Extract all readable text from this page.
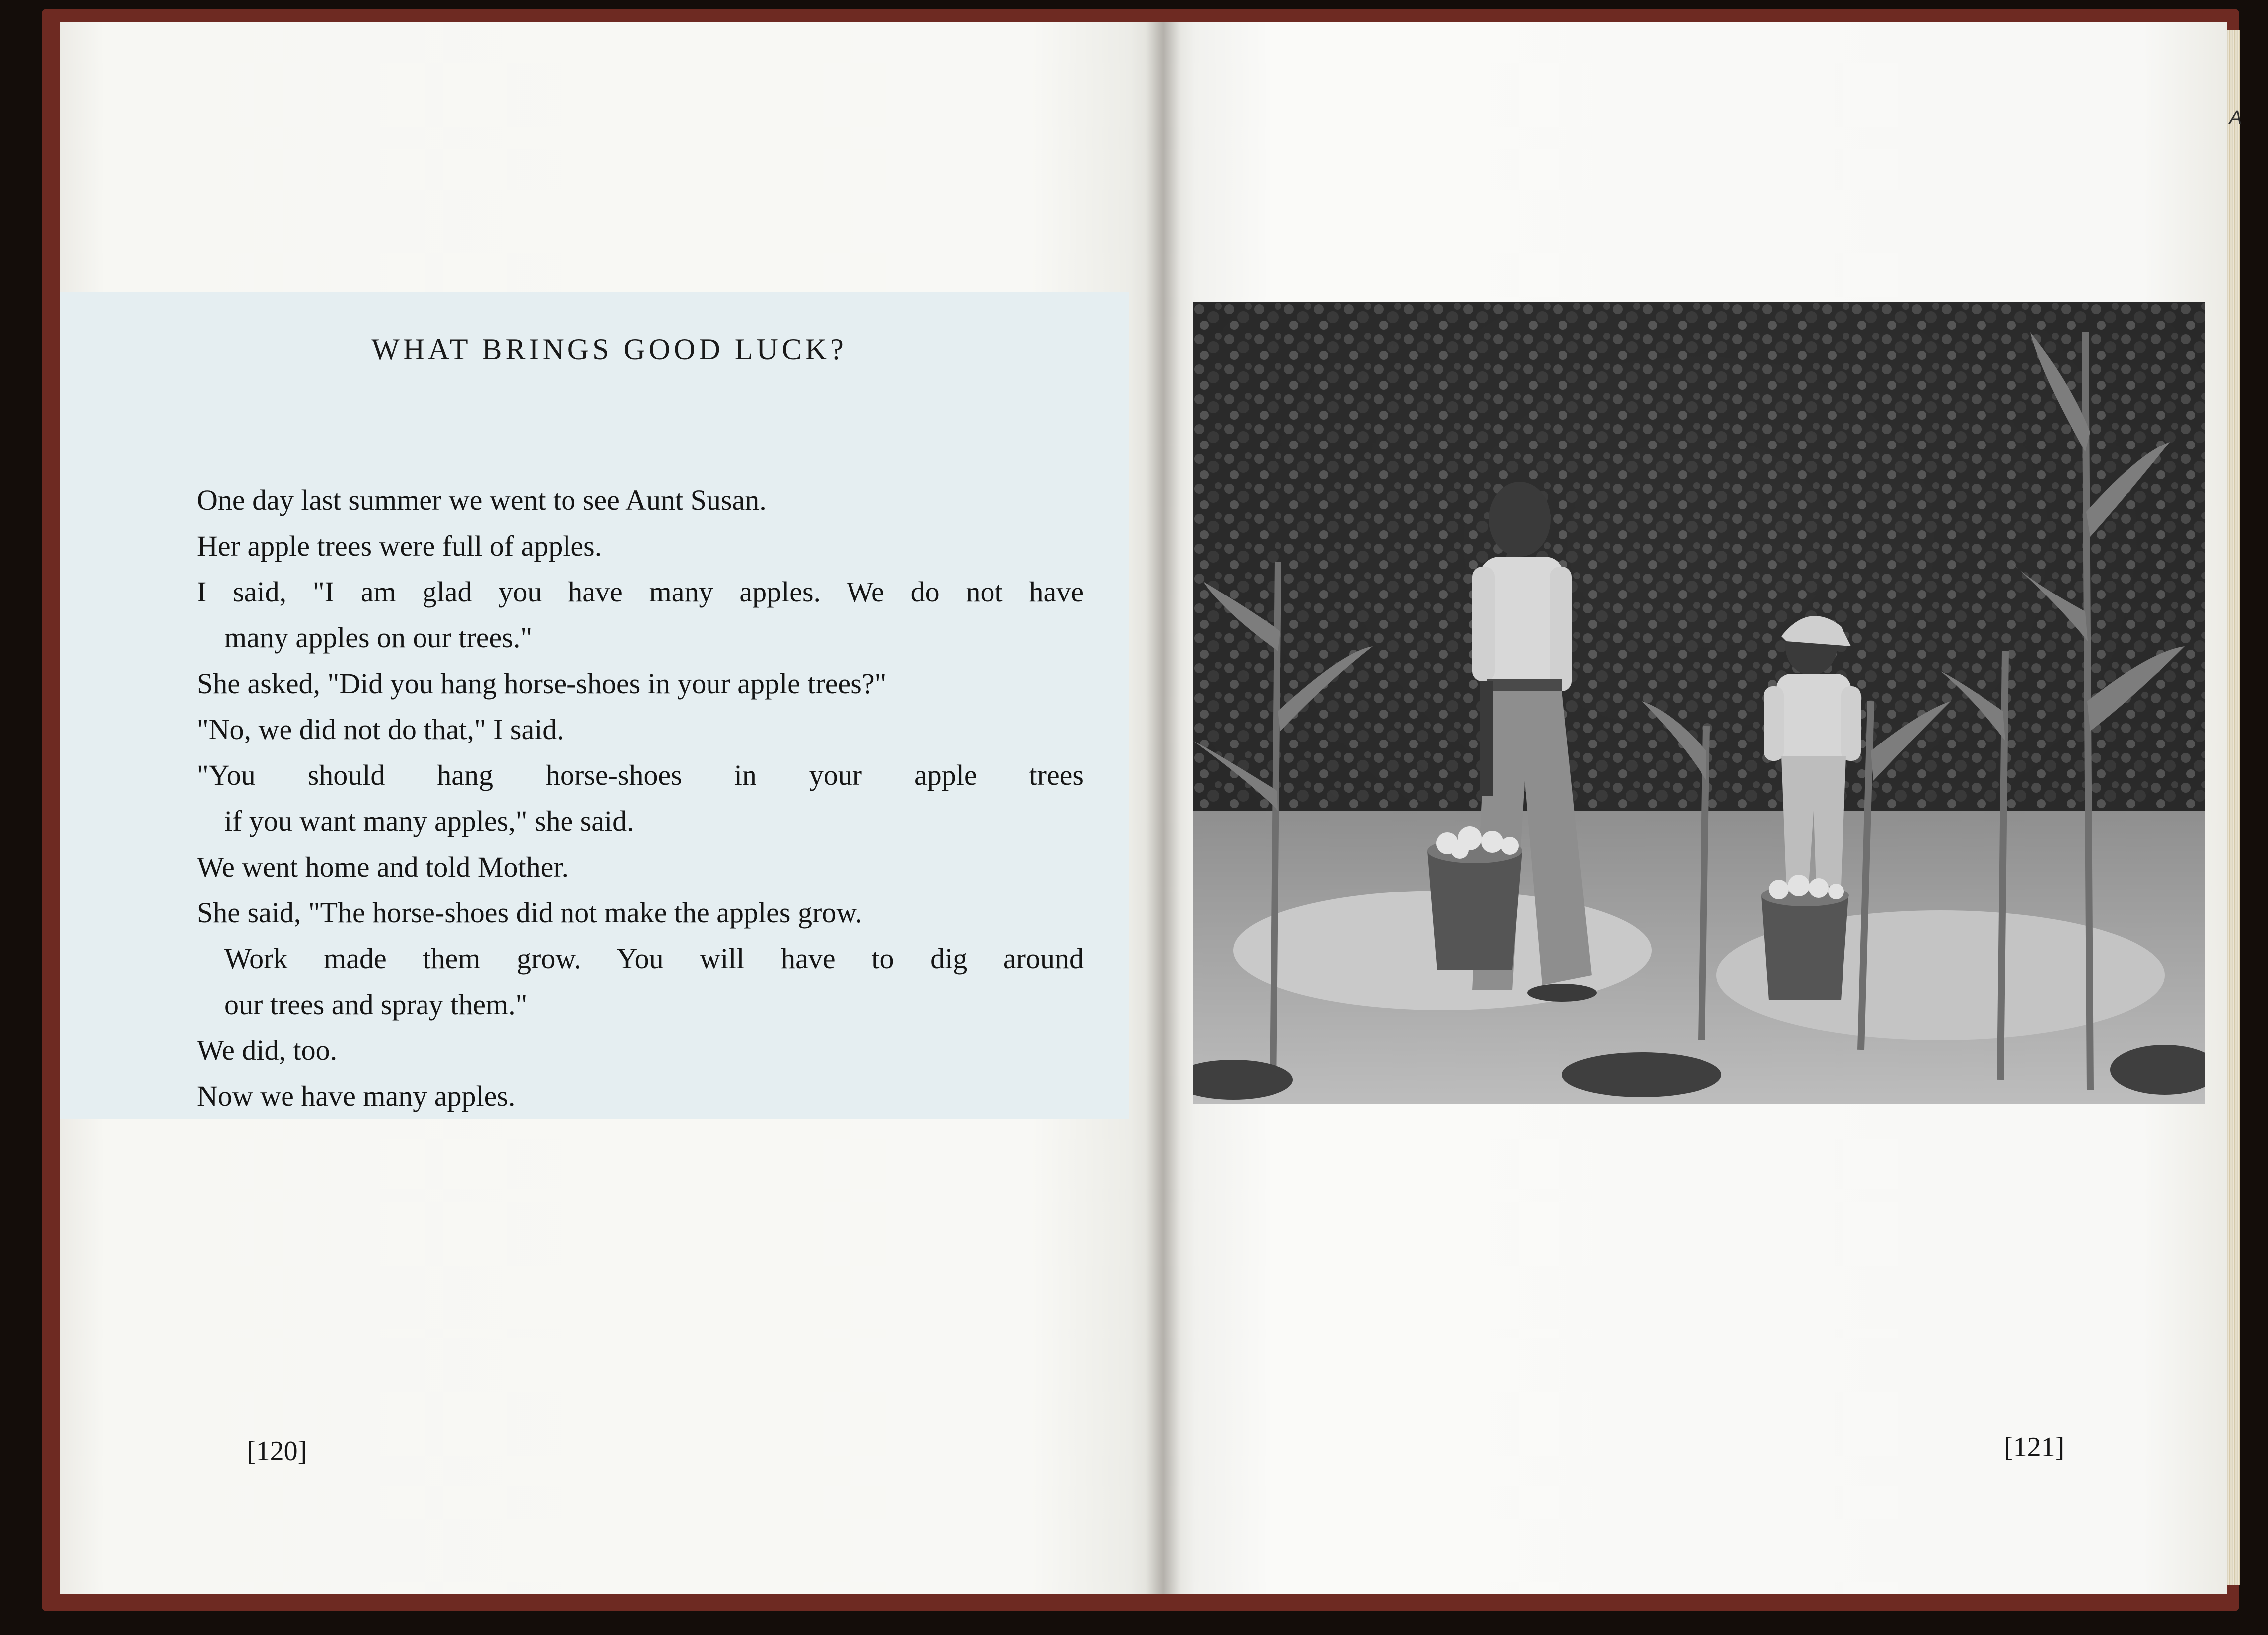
A
WHAT BRINGS GOOD LUCK?
One day last summer we went to see Aunt Susan.
Her apple trees were full of apples.
I said, "I am glad you have many apples. We do not have
many apples on our trees."
She asked, "Did you hang horse-shoes in your apple trees?"
"No, we did not do that," I said.
"You should hang horse-shoes in your apple trees
if you want many apples," she said.
We went home and told Mother.
She said, "The horse-shoes did not make the apples grow.
Work made them grow. You will have to dig around
our trees and spray them."
We did, too.
Now we have many apples.
[120]	[121]
